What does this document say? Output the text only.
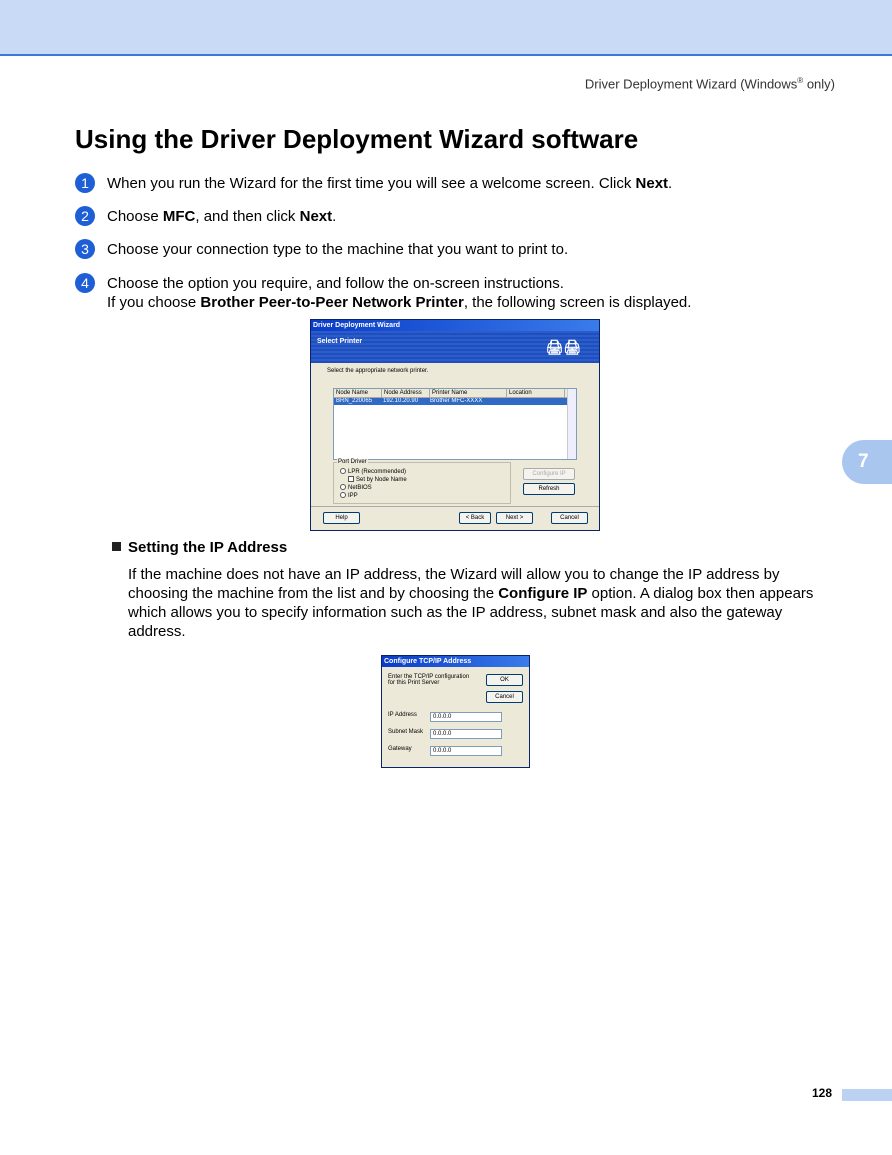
Driver Deployment Wizard (Windows® only)
Using the Driver Deployment Wizard software
1	When you run the Wizard for the first time you will see a welcome screen. Click Next.
2	Choose MFC, and then click Next.
3	Choose your connection type to the machine that you want to print to.
4	Choose the option you require, and follow the on-screen instructions.
If you choose Brother Peer-to-Peer Network Printer, the following screen is displayed.
Driver Deployment Wizard
Select Printer	🖨🖨
Select the appropriate network printer.
Node Name	Node Address	Printer Name	Location
BRN_220065	192.10.20.90	Brother MFC-XXXX
Port Driver
LPR (Recommended)
Set by Node Name
NetBIOS
IPP
Configure IP
Refresh
Help	< Back	Next >	Cancel
7
Setting the IP Address
If the machine does not have an IP address, the Wizard will allow you to change the IP address by choosing the machine from the list and by choosing the Configure IP option. A dialog box then appears which allows you to specify information such as the IP address, subnet mask and also the gateway address.
Configure TCP/IP Address
Enter the TCP/IP configuration for this Print Server	OK
Cancel
IP Address	0.0.0.0
Subnet Mask	0.0.0.0
Gateway	0.0.0.0
128
